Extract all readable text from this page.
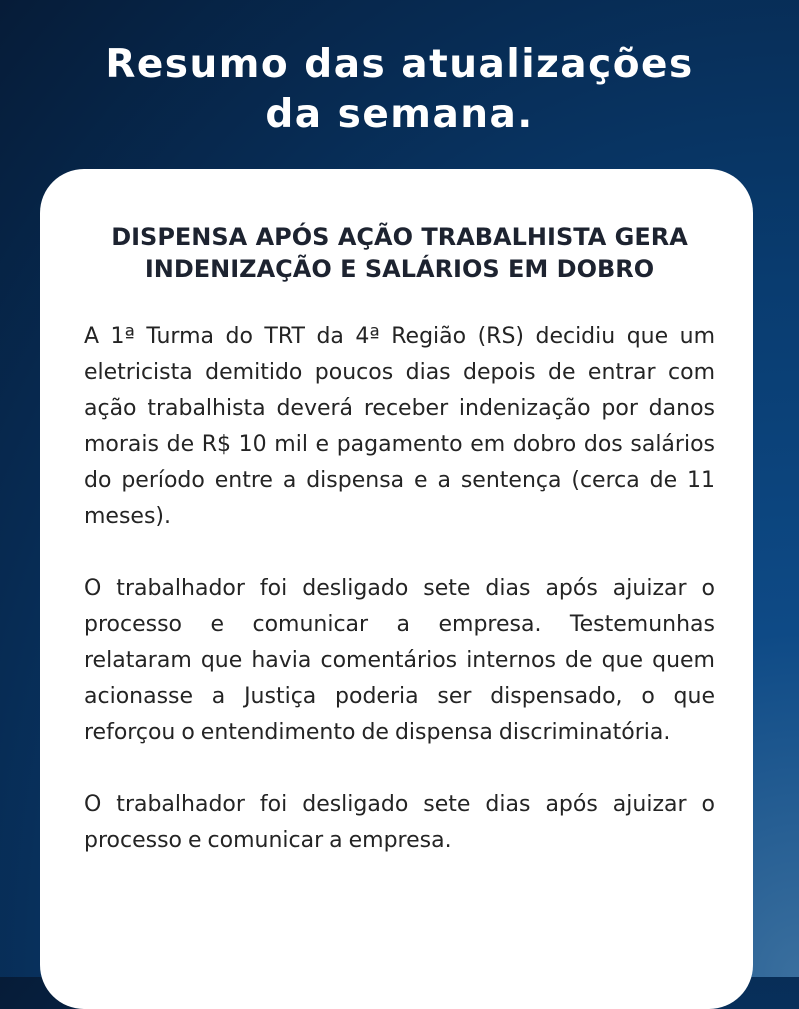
Resumo das atualizações
da semana.
DISPENSA APÓS AÇÃO TRABALHISTA GERA
INDENIZAÇÃO E SALÁRIOS EM DOBRO

A 1ª Turma do TRT da 4ª Região (RS) decidiu que um eletricista demitido poucos dias depois de entrar com ação trabalhista deverá receber indenização por danos morais de R$ 10 mil e pagamento em dobro dos salários do período entre a dispensa e a sentença (cerca de 11 meses).

O trabalhador foi desligado sete dias após ajuizar o processo e comunicar a empresa. Testemunhas relataram que havia comentários internos de que quem acionasse a Justiça poderia ser dispensado, o que reforçou o entendimento de dispensa discriminatória.

O trabalhador foi desligado sete dias após ajuizar o processo e comunicar a empresa.
